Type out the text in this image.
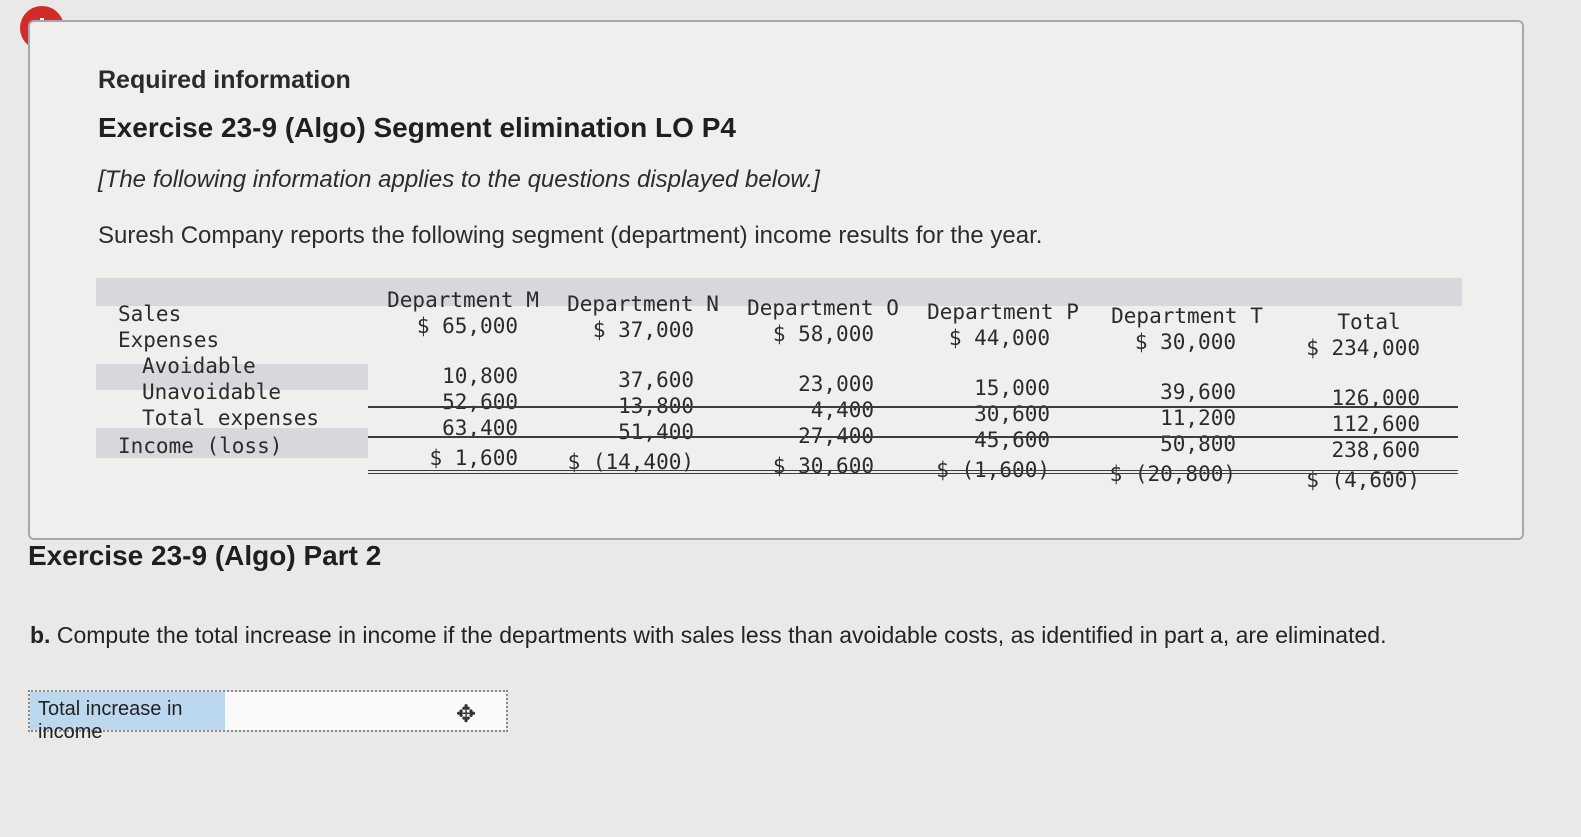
Required information
Exercise 23-9 (Algo) Segment elimination LO P4
[The following information applies to the questions displayed below.]
Suresh Company reports the following segment (department) income results for the year.
Sales
Expenses
Avoidable
Unavoidable
Total expenses
Income (loss)
Department M
$ 65,000
10,800
52,600
63,400
$ 1,600
Department N
$ 37,000
37,600
13,800
51,400
$ (14,400)
Department O
$ 58,000
23,000
4,400
27,400
$ 30,600
Department P
$ 44,000
15,000
30,600
45,600
$ (1,600)
Department T
$ 30,000
39,600
11,200
50,800
$ (20,800)
Total
$ 234,000
126,000
112,600
238,600
$ (4,600)
Exercise 23-9 (Algo) Part 2
b. Compute the total increase in income if the departments with sales less than avoidable costs, as identified in part a, are eliminated.
Total increase in income
✥
